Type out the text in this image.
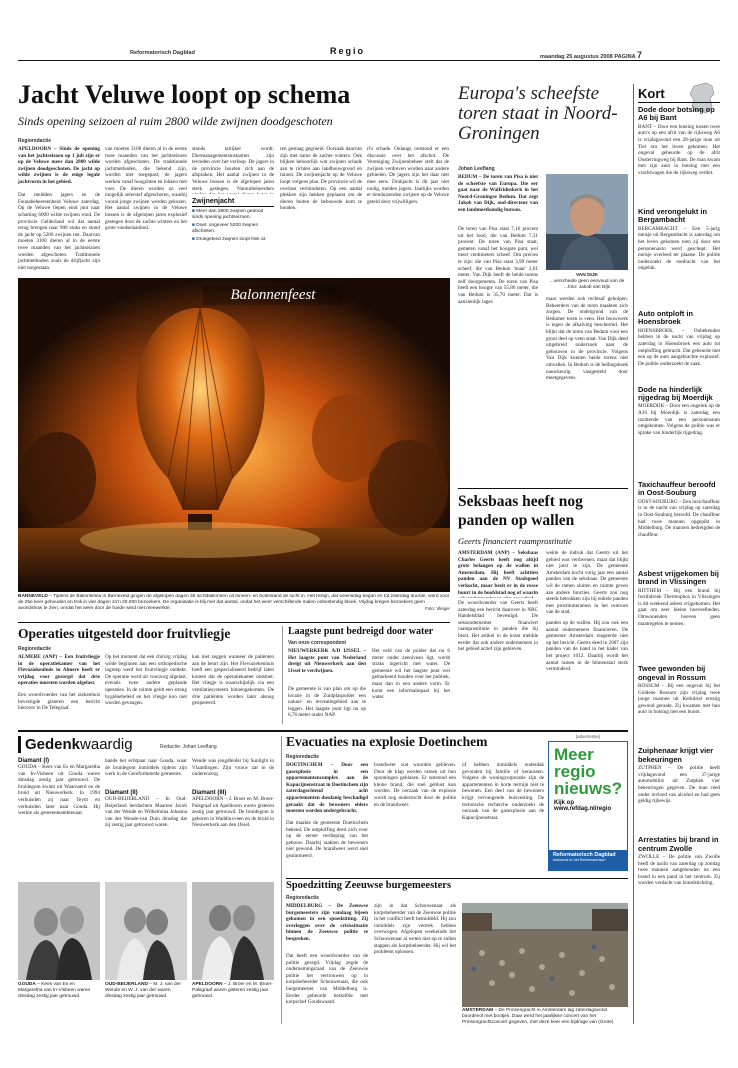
Reformatorisch Dagblad	Regio
maandag 25 augustus 2008 PAGINA 7
Jacht Veluwe loopt op schema
Sinds opening seizoen al ruim 2800 wilde zwijnen doodgeschoten
Regioredactie
APELDOORN – Sinds de opening van het jachtseizoen op 1 juli zijn er op de Veluwe meer dan 2800 wilde zwijnen doodgeschoten. De jacht op wilde zwijnen is de enige legale jachtvorm in het gebied.

Dat meldden jagers en de Faunabeheereenheid Veluwe zaterdag. Op de Veluwe liepen eind juni naar schatting 6000 wilde zwijnen rond. De provincie Gelderland wil dat aantal terug brengen naar 900 stuks en stond de jacht op 5200 zwijnen toe. Daarvan moeten 3100 dieren al in de eerste twee maanden van het jachtseizoen worden afgeschoten. Traditionele jachtmethoden zoals de drijfjacht zijn niet toegestaan.
van moeten 3100 dieren al in de eerste twee maanden van het jachtseizoen worden afgeschoten. De traditionele jachtmethoden, die bekend zijn, worden niet toegepast; de jagers werken vanaf hoogzitten en lokken met voer. De dieren worden zo veel mogelijk selectief afgeschoten, waarbij vooral jonge zwijnen worden gekozen. Het aantal zwijnen in de Veluwe bossen is de afgelopen jaren explosief gestegen door de zachte winters en het grote voedselaanbod.
stonds talrijker wordt. Diermanagementsinstanties zijn tevreden over het verloop. De jagers in de provincie houden zich aan de afspraken. Het aantal zwijnen in de Veluwe bossen is de afgelopen jaren sterk gestegen. Natuurbeheerders
Zwijnenjacht
■ Meer dan 2800 zwijnen gedood sinds opening jachtseizoen.
■ Doel: ongeveer 5200 zwijnen afschieten.
■ Drukgebied zwijnen loopt flink af.
ren gestaag gegroeid. Oorzaak daarvan zijn met name de zachte winters. Ook blijken behoorlijk wat zwijnen schade aan te richten aan landbouwgrond en tuinen. De zwijnenjacht op de Veluwe loopt volgens plan. De provincie wil de overlast verminderen. Op een aantal plekken zijn hekken geplaatst om de dieren buiten de bebouwde kom te houden.
ri's schade. Onlangs ontstond er een discussie over het afschot. De Vereniging Zwijnenbeheer stelt dat de zwijnen verdreven worden naar andere gebieden. De jagers zijn het daar niet mee eens. Drukjacht is dit jaar niet nodig, melden jagers. Jaarlijks worden er tienduizenden zwijnen op de Veluwe geteld door vrijwilligers.
Balonnenfeest
BARNEVELD – Tijdens de Ballonfiësta in Barneveld gingen de afgelopen dagen 35 luchtballonnen uit binnen- en buitenland de lucht in. Het festijn, dat woensdag begon en tot zaterdag duurde, werd voor de 25e keer gehouden en trok in vier dagen zo'n 20.000 bezoekers. De organisatie is blij met dat aantal, ondat het weer verschillende malen onbestendig bleek. Vrijdag kregen bezoekers geen avondshow te zien, omdat het weer door de harde wind niet meewerkte.	Foto: Vlieger
Europa's scheefste toren staat in Noord-Groningen
Johan Leeflang
BEDUM – De toren van Pisa is niet de scheefste van Europa. Die eer gaat naar de Walfriduskerk in het Noord-Groningse Bedum. Dat zegt Jakob van Dijk, oud-directeur van een landmeetkundig bureau.
VAN DIJK
...verscheide geen eenvoud van de ...foto: Jakob van Dijk
De toren van Pisa staat 7,16 procent uit het lood, die van Bedum 7,31 procent. De toren van Pisa staat, gemeten vanaf het hoogste punt, wel meer centimeters scheef. Om precies te zijn: die van Pisa staat 3,99 meter scheef, die van Bedum 'maar' 2,61 meter. Van Dijk heeft de beide torens zelf doorgemeten. De toren van Pisa heeft een hoogte van 55,86 meter, die van Bedum is 35,70 meter. Dat is aanzienlijk lager.	maar werden ook rechtsaf geholpen. Beheerders van de toren maakten zich zorgen. De ondergrond van de Bedumer toren is veen. Het bouwwerk is tegen de afkalving beschermd. Het blijkt dat de toren van Bedum voor een groot deel op veen staat. Van Dijk deed uitgebreid onderzoek naar de gebouwen in de provincie. Volgens Van Dijk kunnen beide torens niet omvallen. In Bedum is de hellingshoek nauwkeurig vastgesteld door meetgegevens.
Seksbaas heeft nog panden op wallen
Geerts financiert raamprostitutie
AMSTERDAM (ANP) – Seksbaas Charles Geerts heeft nog altijd grote belangen op de wallen in Amsterdam. Hij heeft achttien panden aan de NV Stadsgoed verkocht, maar bezit er in de rosse buurt in de hoofdstad nog of waarin
De woordvoerder van Geerts heeft zaterdag een bericht daarover in NRC Handelsblad bevestigd. De seksondernemer financiert raamprostitutie in panden die hij bezit. Het artikel in de krant meldde eerder dat ook andere ondernemers in het gebied actief zijn gebleven.
wekte de indruk dat Geerts uit het gebied was verdwenen, maar dat blijkt niet juist te zijn. De gemeente Amsterdam kocht vorig jaar een aantal panden van de seksbaas. De gemeente wil de ramen sluiten en ruimte geven aan andere functies. Geerts zou nog steeds betrokken zijn bij enkele panden met prostitutieramen in het centrum van de stad.
panden op de wallen. Hij zou ook een aantal ondernemers financieren. De gemeente Amsterdam reageerde niet op het bericht. Geerts deed in 2007 zijn panden van de hand in het kader van het project 1012. Daarbij wordt het aantal ramen in de binnenstad sterk verminderd.
Kort
Dode door botsing op A6 bij Bant
BANT – Door een botsing tussen twee auto's op een afrit van de rijksweg A6 is vrijdagavond een 28-jarige man uit Tiel om het leven gekomen. Het ongeval gebeurde op de afrit Oosterringweg bij Bant. De man kwam met zijn auto in botsing met een vrachtwagen die de rijksweg verliet.
Kind verongelukt in Bergambacht
BERGAMBACHT – Een 5-jarig meisje uit Bergambacht is zaterdag om het leven gekomen toen zij door een personenauto werd geschept. Het meisje overleed ter plaatse. De politie onderzoekt de toedracht van het ongeluk.
Auto ontploft in Hoensbroek
HOENSBROEK – Onbekenden hebben in de nacht van vrijdag op zaterdag in Hoensbroek een auto tot ontploffing gebracht. Dat gebeurde met een op de auto aangebrachte explosief. De politie onderzoekt de zaak.
Dode na hinderlijk rijgedrag bij Moerdijk
MOERDIJK – Door een ongeluk op de A16 bij Moerdijk is zaterdag een inzittende van een personenauto omgekomen. Volgens de politie was er sprake van hinderlijk rijgedrag.
Taxichauffeur beroofd in Oost-Souburg
OOST-SOUBURG – Een taxichauffeur is in de nacht van vrijdag op zaterdag in Oost-Souburg beroofd. De chauffeur had twee mannen opgepikt in Middelburg. De mannen bedreigden de chauffeur.
Asbest vrijgekomen bij brand in Vlissingen
RITTHEM – Bij een brand bij fortifabriek Thermophos in Vlissingen is dit weekend asbest vrijgekomen. Het gaat om zeer kleine hoeveelheden. Omwonenden hoeven geen maatregelen te nemen.
Twee gewonden bij ongeval in Rossum
ROSSUM – Bij een ongeval bij het Goldene Rossum zijn vrijdag twee jonge mannen uit Kerkdriel ernstig gewond geraakt. Zij kwamen met hun auto in botsing met een boom.
Zuiphenaar krijgt vier bekeuringen
ZUTPHEN – De politie heeft vrijdagavond een 37-jarige automobilist uit Zutphen vier bekeuringen gegeven. De man reed onder invloed van alcohol en had geen geldig rijbewijs.
Arrestaties bij brand in centrum Zwolle
ZWOLLE – De politie van Zwolle heeft de nacht van zaterdag op zondag twee mannen aangehouden na een brand in een pand in het centrum. Zij worden verdacht van brandstichting.
Operaties uitgesteld door fruitvliegje
Regioredactie
ALMERE (ANP) – Een fruitvliegje in de operatiekamer van het Flevoziekenhuis in Almere heeft er vrijdag voor gezorgd dat drie operaties moesten worden afgelast.
Een woordvoerder van het ziekenhuis bevestigde gisteren een bericht hierover in De Telegraaf.
Op het moment dat een chirurg vrijdag wilde beginnen aan een orthopedische ingreep werd het fruitvliegje ontdekt. De operatie werd uit voorzorg afgelast, evenals twee andere geplande operaties. In de ruimte geldt een streng hygiënebeleid en het vliegje kon niet worden gevangen.
kan niet zeggen wanneer de patiënten aan de beurt zijn. Het Flevoziekenhuis heeft een gespecialiseerd bedrijf laten komen dat de operatiekamer ontsmet. Het vliegje is waarschijnlijk via een ventilatiesysteem binnengekomen. De drie patiënten worden later alsnog geopereerd.
Laagste punt bedreigd door water
Van onze correspondent
NIEUWERKERK A/D IJSSEL – Het laagste punt van Nederland dreigt uit Nieuwerkerk aan den IJssel te verdwijnen.
De gemeente is van plan om op die locatie in de Zuidplaspolder een natuur- en recreatiegebied aan te leggen. Het laagste punt ligt nu op 6,76 meter onder NAP.
Het veld van de polder dat nu 6 meter onder zeeniveau ligt, wordt straks ingericht met water. De gemeente wil het laagste punt wel gemarkeerd houden voor het publiek, maar dan in een andere vorm. Er komt een informatiepaal bij het water.
Gedenkwaardig	Redactie: Johan Leeflang
Diamant (I)
GOUDA – Kees van Es en Margaretha van In-Visbeen uit Gouda waren dinsdag zestig jaar getrouwd. De bruidegom kwam uit Waarnaerd en de bruid uit Nieuwerkerk. In 1994 verhuisden zij naar Teynt en verhuisden later naar Gouda. Hij werkte als gemeenteambtenaar.
bande het echtpaar naar Gouda, waar de bruidegom inmiddels tijdens zijn werk in de Gereformeerde gemeente.
Diamant (II)
OUD-BEIJERLAND – In Oud-Beijerland herdachten Maarten Jacob van der Wende en Wilhelmina Johanna van der Wende-van Duin dinsdag dat zij zestig jaar getrouwd waren.
Wende was jeugdleider bij Sunlight in Vlaardingen. Zijn vrouw zat in de ouderenzorg.
Diamant (III)
APELDOORN – J. Broer en M. Broer-Palsgraaf uit Apeldoorn waren gisteren zestig jaar getrouwd. De bruidegom is geboren in Waddinxveen en de bruid in Nieuwerkerk aan den IJssel.
GOUDA – Kees van Es en Margaretha van In-Visbeen waren dinsdag zestig jaar getrouwd.
OUD-BEIJERLAND – M. J. van der Wende en W. J. van der waren dinsdag zestig jaar getrouwd.
APELDOORN – J. Broer en M. Broer-Palsgraaf waren gisteren zestig jaar getrouwd.
Evacuaties na explosie Doetinchem
Regioredactie
DOETINCHEM – Door een gasexplosie in een appartementencomplex aan de Kapucijnenstraat in Doetinchem zijn zaterdagochtend acht appartementen dusdanig beschadigd geraakt dat de bewoners elders moesten worden ondergebracht.
Dat maakte de gemeente Doetinchem bekend. De ontploffing deed zich voor op de eerste verdieping van het gebouw. Daarbij raakten de bewoners niet gewond. De brandweer werd snel gealarmeerd.
brandweer wat woorden gebleven. Door de klap werden ramen uit hun sponningen geblazen. Er ontstond een kleine brand, die snel geblust kon worden. De oorzaak van de explosie wordt nog onderzocht door de politie en de brandweer.
of hebben inmiddels onderdak gevonden bij familie of kennissen. Volgens de woningcorporatie zijn de appartementen in korte termijn niet te bewonen. Een deel van de bewoners krijgt vervangende huisvesting. De technische recherche onderzoekt de oorzaak van de gasexplosie aan de Kapucijnenstraat.
[advertentie]
Meer
regio
nieuws?
Kijk op
www.refdag.nl/regio
Reformatorisch Dagblad
toekomst in het Reformatorisch
Spoedzitting Zeeuwse burgemeesters
Regioredactie
MIDDELBURG – De Zeeuwse burgemeesters zijn vandaag bijeen gekomen in een spoedzitting. Zij overleggen over de crisissituatie binnen de Zeeuwse politie te bespreken.
Dat heeft een woordvoerder van de politie gezegd. Vrijdag zegde de ondernemingsraad van de Zeeuwse politie het vertrouwen op in korpsbeheerder Schouwenaar, die ook burgemeester van Middelburg is. Eerder gebeurde hetzelfde met korpschef Goudswaard.
zijn in dat Schouwenaar als korpsbeheerder van de Zeeuwse politie in het conflict heeft bemiddeld. Hij zou inmiddels zijn vertrek hebben overwogen. Afgelopen weekeinde liet Schouwenaar al weten niet op te zullen stappen als korpsbeheerder. Hij wil het probleem oplossen.
AMSTERDAM – De Prinsengracht in Amsterdam lag zaterdagavond boordevol met bootjes. Daar werd het jaarlijkse concert van het Prinsengrachtconcert gegeven, met deze keer een bijdrage van (Grote)
